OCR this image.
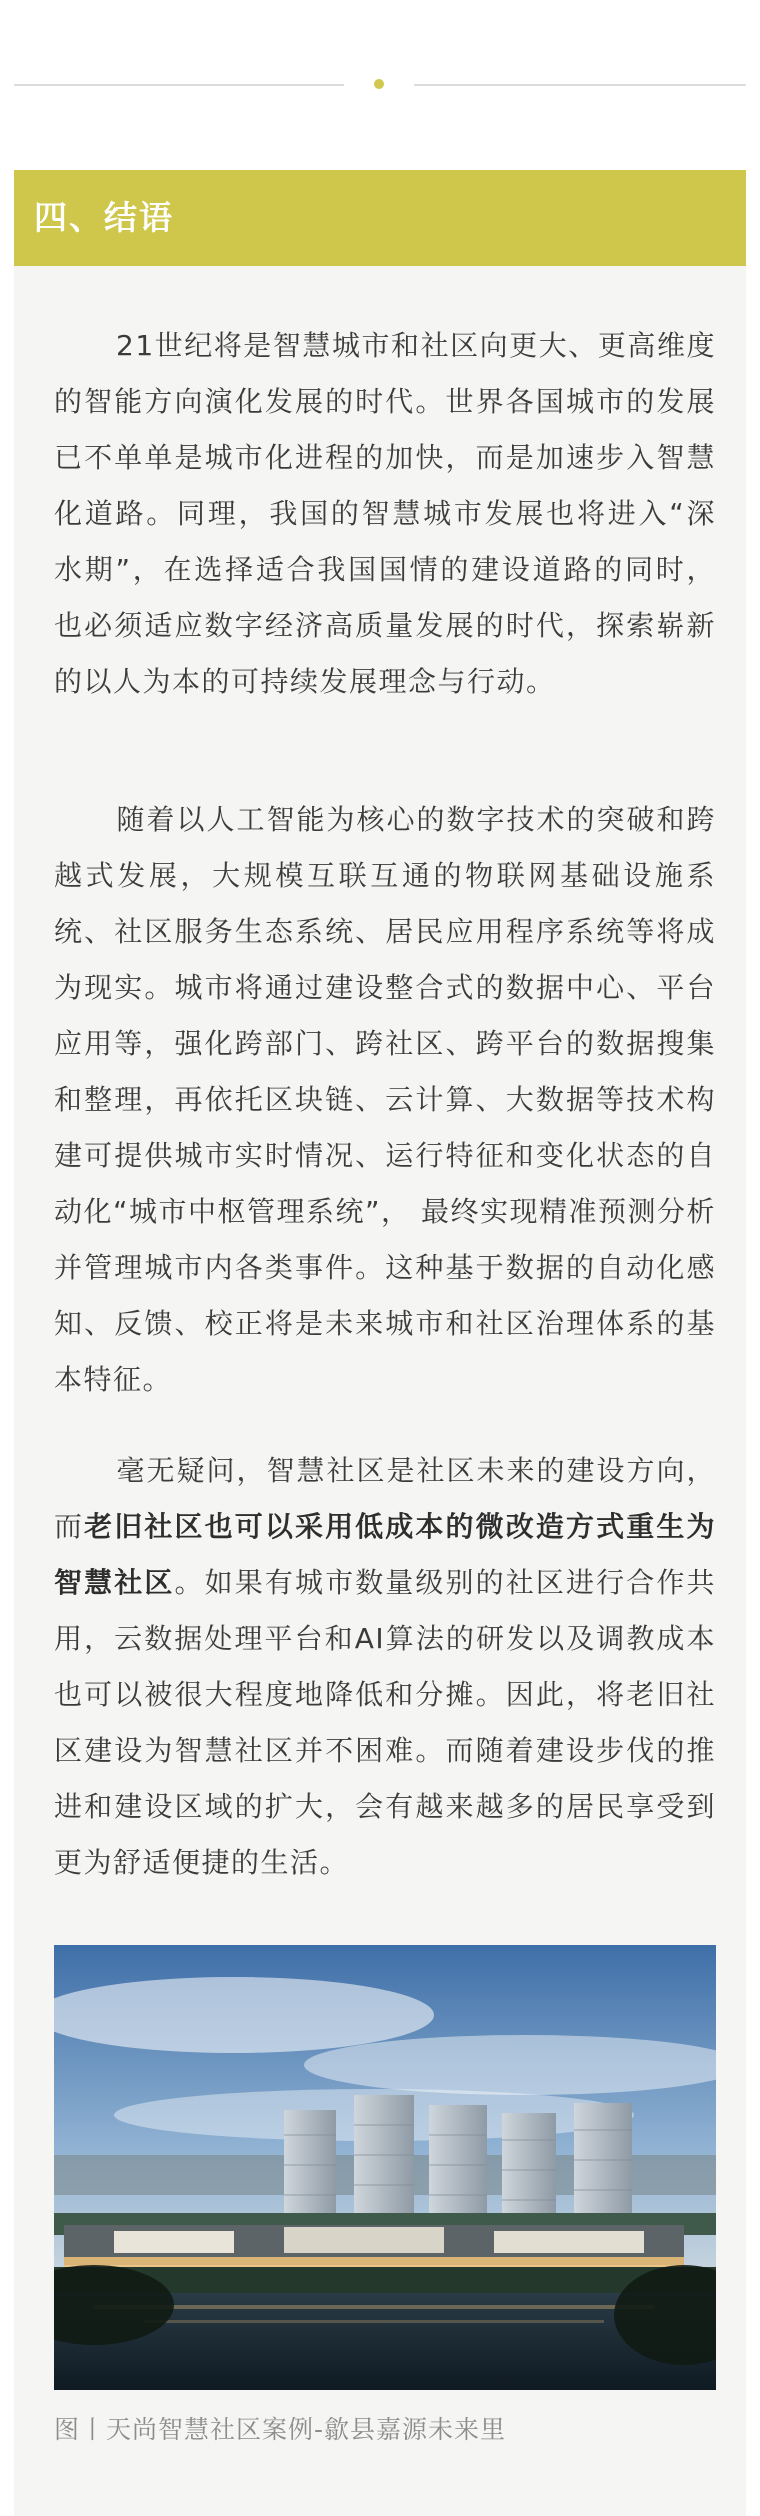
四、结语
21世纪将是智慧城市和社区向更大、更高维度的智能方向演化发展的时代。世界各国城市的发展已不单单是城市化进程的加快，而是加速步入智慧化道路。同理，我国的智慧城市发展也将进入“深水期”，在选择适合我国国情的建设道路的同时，也必须适应数字经济高质量发展的时代，探索崭新的以人为本的可持续发展理念与行动。
随着以人工智能为核心的数字技术的突破和跨越式发展，大规模互联互通的物联网基础设施系统、社区服务生态系统、居民应用程序系统等将成为现实。城市将通过建设整合式的数据中心、平台应用等，强化跨部门、跨社区、跨平台的数据搜集和整理，再依托区块链、云计算、大数据等技术构建可提供城市实时情况、运行特征和变化状态的自动化“城市中枢管理系统”， 最终实现精准预测分析并管理城市内各类事件。这种基于数据的自动化感知、反馈、校正将是未来城市和社区治理体系的基本特征。
毫无疑问，智慧社区是社区未来的建设方向，而老旧社区也可以采用低成本的微改造方式重生为智慧社区。如果有城市数量级别的社区进行合作共用，云数据处理平台和AI算法的研发以及调教成本也可以被很大程度地降低和分摊。因此，将老旧社区建设为智慧社区并不困难。而随着建设步伐的推进和建设区域的扩大，会有越来越多的居民享受到更为舒适便捷的生活。
图丨天尚智慧社区案例-歙县嘉源未来里
